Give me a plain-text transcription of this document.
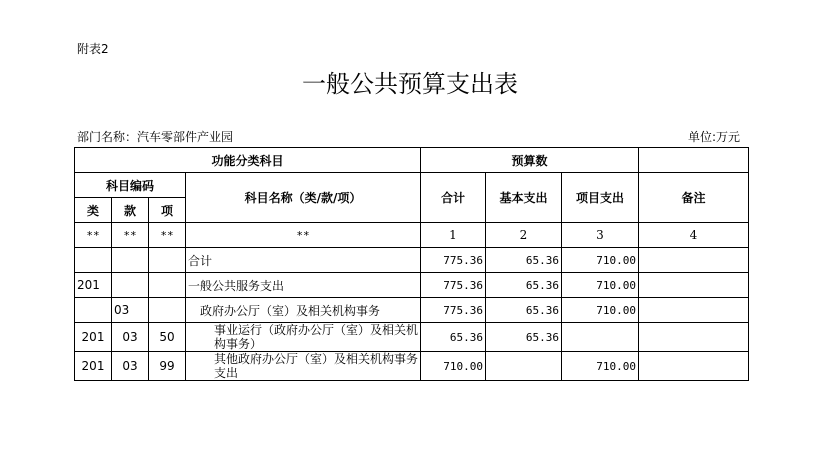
附表2
一般公共预算支出表
部门名称：汽车零部件产业园	单位:万元
功能分类科目				预算数			
科目编码			科目名称（类/款/项）	合计	基本支出	项目支出	备注
类	款	项					
**	**	**	**	1	2	3	4
			合计	775.36	65.36	710.00	
201			一般公共服务支出	775.36	65.36	710.00	
	03		政府办公厅（室）及相关机构事务	775.36	65.36	710.00	
201	03	50	事业运行（政府办公厅（室）及相关机构事务）	65.36	65.36		
201	03	99	其他政府办公厅（室）及相关机构事务支出	710.00		710.00	
